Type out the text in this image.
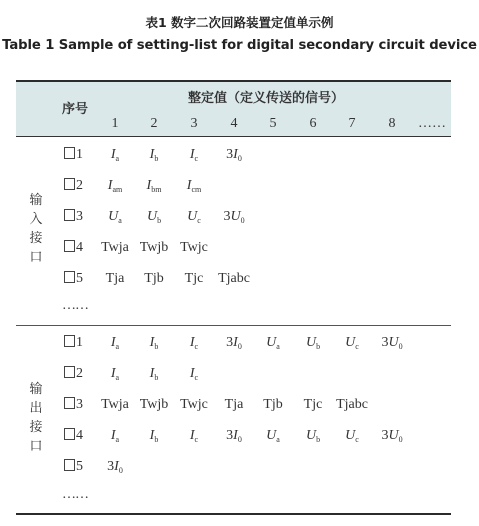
表1 数字二次回路装置定值单示例
Table 1 Sample of setting-list for digital secondary circuit device
序号
整定值（定义传送的信号）
1 2 3 4 5 6 7 8 ……
输
入
接
口
输
出
接
口
1 $I_a$ $I_b$ $I_c$ $3I_0$
2 $I_{am}$ $I_{bm}$ $I_{cm}$
3 $U_a$ $U_b$ $U_c$ $3U_0$
4 Twja Twjb Twjc
5 Tja Tjb Tjc Tjabc
……
1 $I_a$ $I_b$ $I_c$ $3I_0$ $U_a$ $U_b$ $U_c$ $3U_0$
2 $I_a$ $I_b$ $I_c$
3 Twja Twjb Twjc Tja Tjb Tjc Tjabc
4 $I_a$ $I_b$ $I_c$ $3I_0$ $U_a$ $U_b$ $U_c$ $3U_0$
5 $3I_0$
……
